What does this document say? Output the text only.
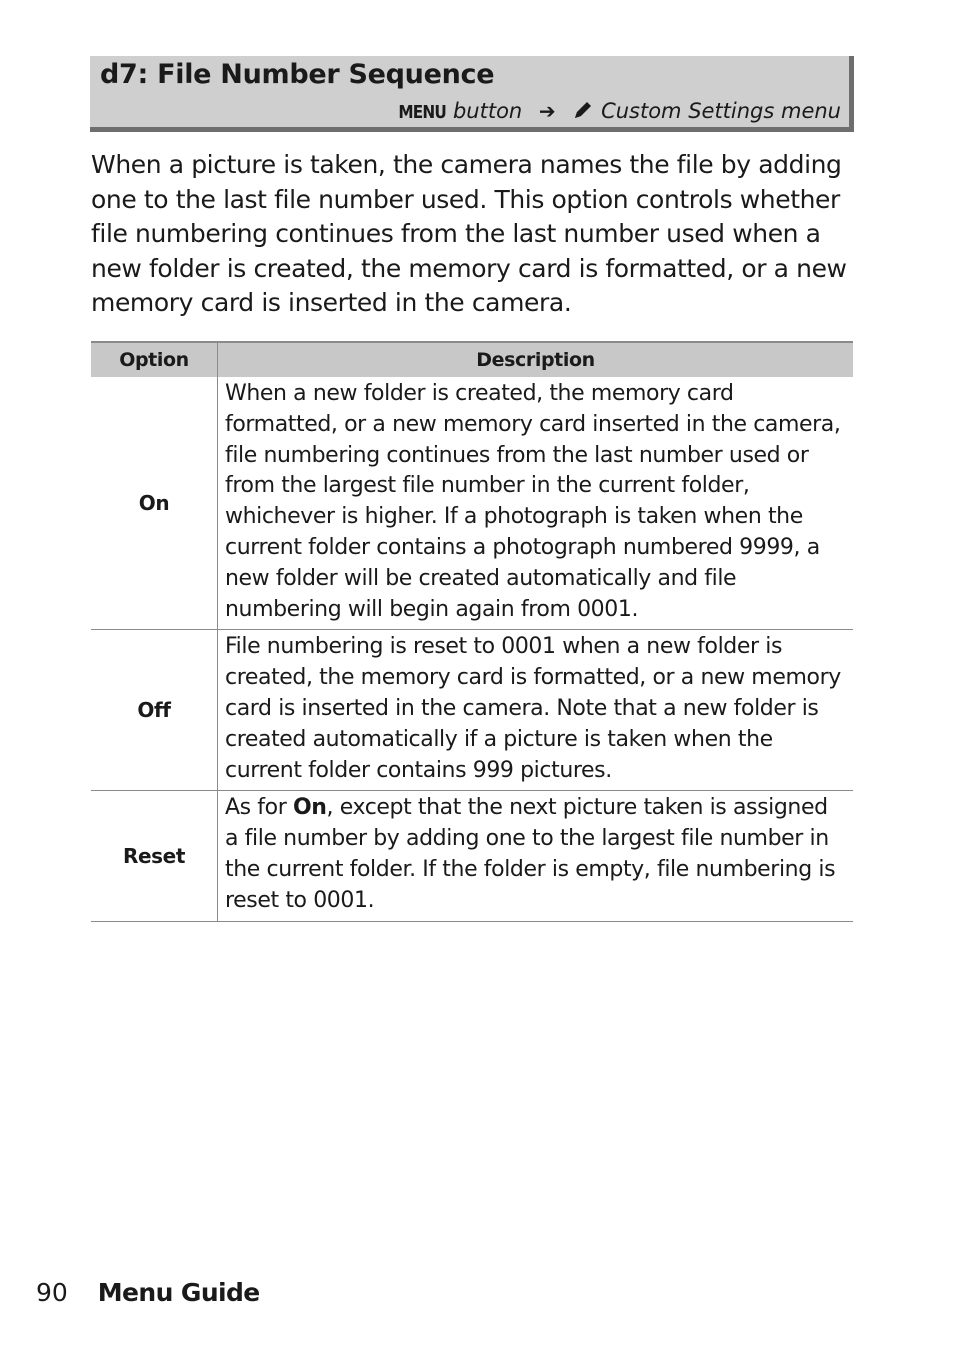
d7: File Number Sequence
MENU button ➔ Custom Settings menu

When a picture is taken, the camera names the file by adding one to the last file number used. This option controls whether file numbering continues from the last number used when a new folder is created, the memory card is formatted, or a new memory card is inserted in the camera.

Option	Description
On	When a new folder is created, the memory card formatted, or a new memory card inserted in the camera, file numbering continues from the last number used or from the largest file number in the current folder, whichever is higher. If a photograph is taken when the current folder contains a photograph numbered 9999, a new folder will be created automatically and file numbering will begin again from 0001.
Off	File numbering is reset to 0001 when a new folder is created, the memory card is formatted, or a new memory card is inserted in the camera. Note that a new folder is created automatically if a picture is taken when the current folder contains 999 pictures.
Reset	As for On, except that the next picture taken is assigned a file number by adding one to the largest file number in the current folder. If the folder is empty, file numbering is reset to 0001.
90 Menu Guide
